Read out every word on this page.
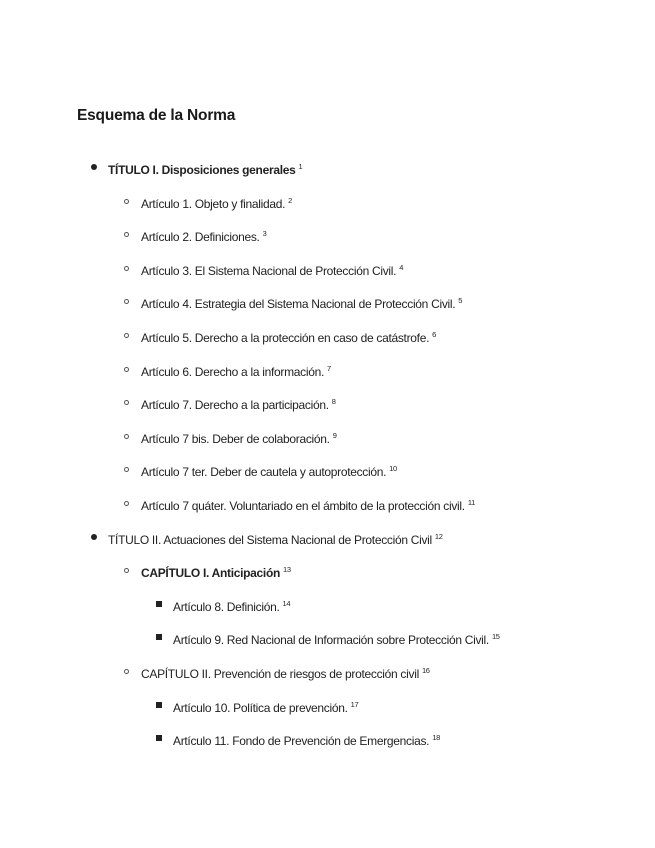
Esquema de la Norma
TÍTULO I. Disposiciones generales $^1$
Artículo 1. Objeto y finalidad. $^2$
Artículo 2. Definiciones. $^3$
Artículo 3. El Sistema Nacional de Protección Civil. $^4$
Artículo 4. Estrategia del Sistema Nacional de Protección Civil. $^5$
Artículo 5. Derecho a la protección en caso de catástrofe. $^6$
Artículo 6. Derecho a la información. $^7$
Artículo 7. Derecho a la participación. $^8$
Artículo 7 bis. Deber de colaboración. $^9$
Artículo 7 ter. Deber de cautela y autoprotección. $^{10}$
Artículo 7 quáter. Voluntariado en el ámbito de la protección civil. $^{11}$
TÍTULO II. Actuaciones del Sistema Nacional de Protección Civil $^{12}$
CAPÍTULO I. Anticipación $^{13}$
Artículo 8. Definición. $^{14}$
Artículo 9. Red Nacional de Información sobre Protección Civil. $^{15}$
CAPÍTULO II. Prevención de riesgos de protección civil $^{16}$
Artículo 10. Política de prevención. $^{17}$
Artículo 11. Fondo de Prevención de Emergencias. $^{18}$
